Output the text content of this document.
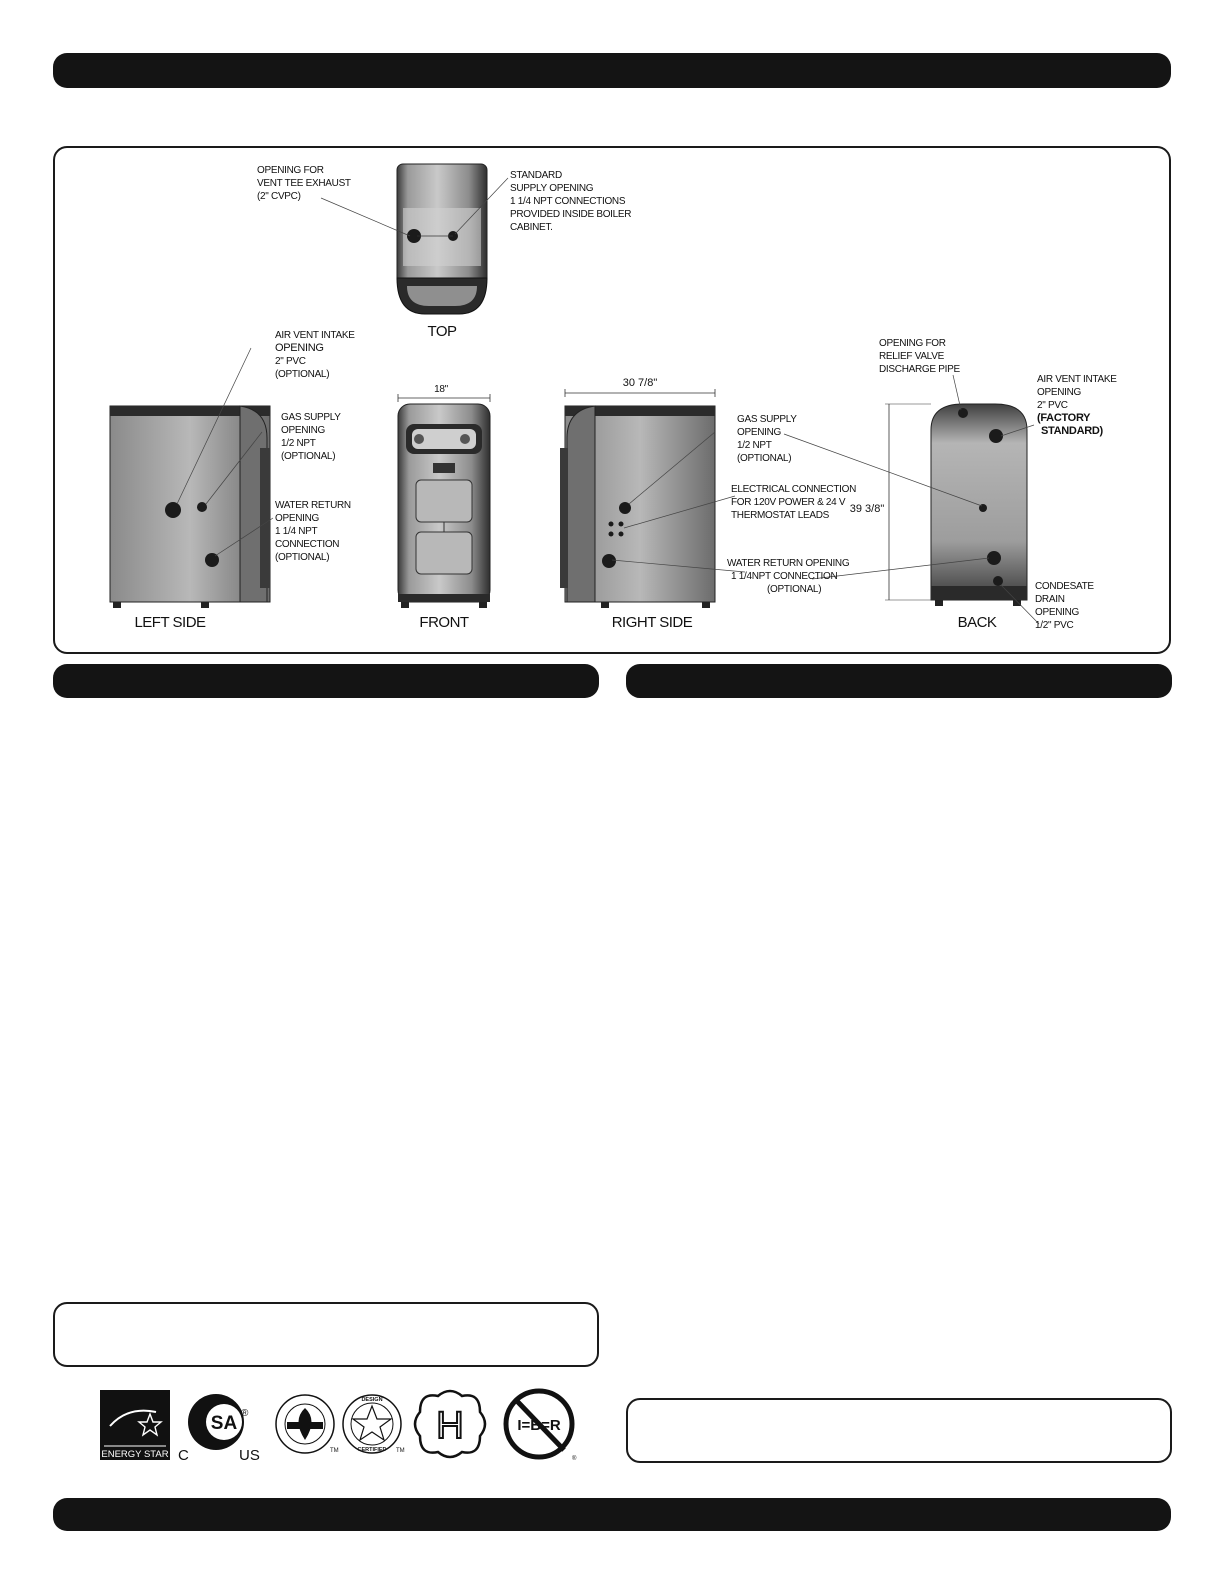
TOP
LEFT SIDE
18"
FRONT
30 7/8"
RIGHT SIDE
39 3/8"
BACK
OPENING FOR VENT TEE EXHAUST (2" CVPC)
STANDARD SUPPLY OPENING 1 1/4 NPT CONNECTIONS PROVIDED INSIDE BOILER CABINET.
AIR VENT INTAKE OPENING 2" PVC (OPTIONAL)
GAS SUPPLY OPENING 1/2 NPT (OPTIONAL)
WATER RETURN OPENING 1 1/4 NPT CONNECTION (OPTIONAL)
GAS SUPPLY OPENING 1/2 NPT (OPTIONAL)
ELECTRICAL CONNECTION FOR 120V POWER & 24 V THERMOSTAT LEADS
WATER RETURN OPENING 1 1/4NPT CONNECTION (OPTIONAL)
OPENING FOR RELIEF VALVE DISCHARGE PIPE
AIR VENT INTAKE OPENING 2" PVC (FACTORY STANDARD)
CONDESATE DRAIN OPENING 1/2" PVC
ENERGY STAR
SA ®
C	US	TM
DESIGN
CERTIFIED TM
H	I=B=R
®
